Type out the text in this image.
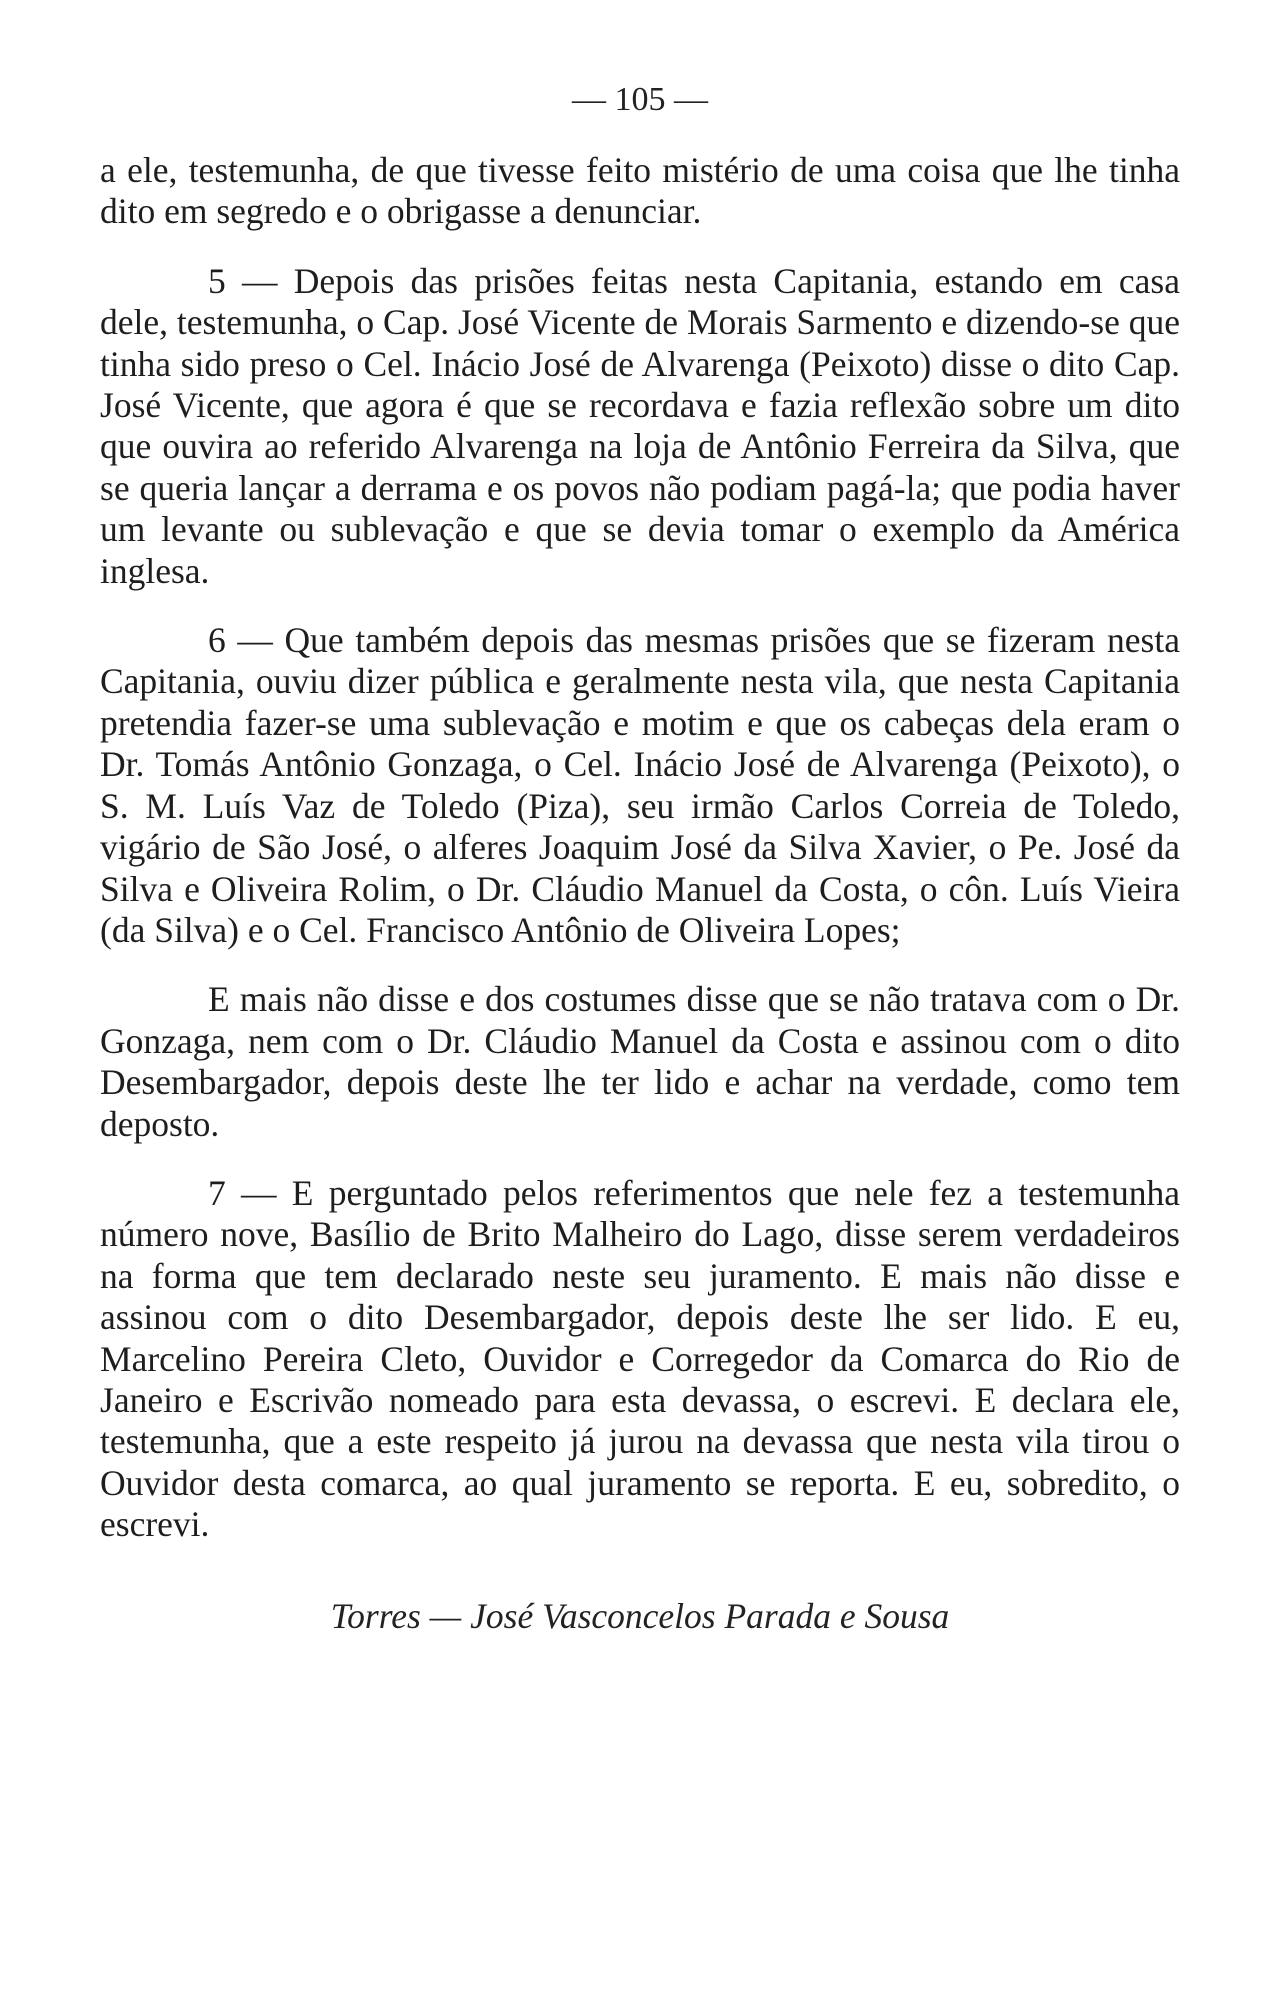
— 105 —

a ele, testemunha, de que tivesse feito mistério de uma coisa que lhe tinha dito em segredo e o obrigasse a denunciar.

5 — Depois das prisões feitas nesta Capitania, estando em casa dele, testemunha, o Cap. José Vicente de Morais Sarmento e dizendo-se que tinha sido preso o Cel. Inácio José de Alvarenga (Peixoto) disse o dito Cap. José Vicente, que agora é que se recordava e fazia reflexão sobre um dito que ouvira ao referido Alvarenga na loja de Antônio Ferreira da Silva, que se queria lançar a derrama e os povos não podiam pagá-la; que podia haver um levante ou sublevação e que se devia tomar o exemplo da América inglesa.

6 — Que também depois das mesmas prisões que se fizeram nesta Capitania, ouviu dizer pública e geralmente nesta vila, que nesta Capitania pretendia fazer-se uma sublevação e motim e que os cabeças dela eram o Dr. Tomás Antônio Gonzaga, o Cel. Inácio José de Alvarenga (Peixoto), o S. M. Luís Vaz de Toledo (Piza), seu irmão Carlos Correia de Toledo, vigário de São José, o alferes Joaquim José da Silva Xavier, o Pe. José da Silva e Oliveira Rolim, o Dr. Cláudio Manuel da Costa, o côn. Luís Vieira (da Silva) e o Cel. Francisco Antônio de Oliveira Lopes;

E mais não disse e dos costumes disse que se não tratava com o Dr. Gonzaga, nem com o Dr. Cláudio Manuel da Costa e assinou com o dito Desembargador, depois deste lhe ter lido e achar na verdade, como tem deposto.

7 — E perguntado pelos referimentos que nele fez a testemunha número nove, Basílio de Brito Malheiro do Lago, disse serem verdadeiros na forma que tem declarado neste seu juramento. E mais não disse e assinou com o dito Desembargador, depois deste lhe ser lido. E eu, Marcelino Pereira Cleto, Ouvidor e Corregedor da Comarca do Rio de Janeiro e Escrivão nomeado para esta devassa, o escrevi. E declara ele, testemunha, que a este respeito já jurou na devassa que nesta vila tirou o Ouvidor desta comarca, ao qual juramento se reporta. E eu, sobredito, o escrevi.

Torres — José Vasconcelos Parada e Sousa
